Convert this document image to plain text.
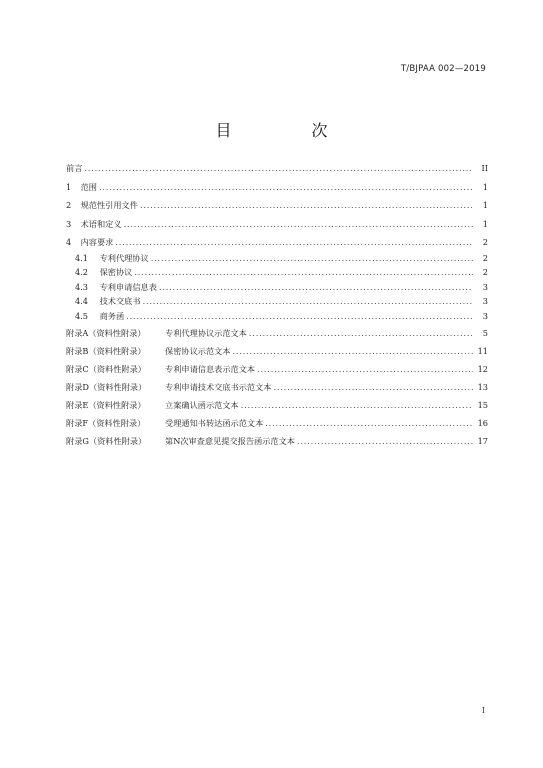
T/BJPAA 002—2019
目　次
前言 . . .	II
1 范围 . . .	1
2 规范性引用文件 . . .	1
3 术语和定义 . . .	1
4 内容要求 . . .	2
4.1 专利代理协议 . . .	2
4.2 保密协议 . . .	2
4.3 专利申请信息表 . . .	3
4.4 技术交底书 . . .	3
4.5 商务函 . . .	3
附录A（资料性附录） 专利代理协议示范文本 . . .	5
附录B（资料性附录） 保密协议示范文本 . . .	11
附录C（资料性附录） 专利申请信息表示范文本 . . .	12
附录D（资料性附录） 专利申请技术交底书示范文本 . . .	13
附录E（资料性附录） 立案确认函示范文本 . . .	15
附录F（资料性附录） 受理通知书转达函示范文本 . . .	16
附录G（资料性附录） 第N次审查意见提交报告函示范文本 . . .	17
I
